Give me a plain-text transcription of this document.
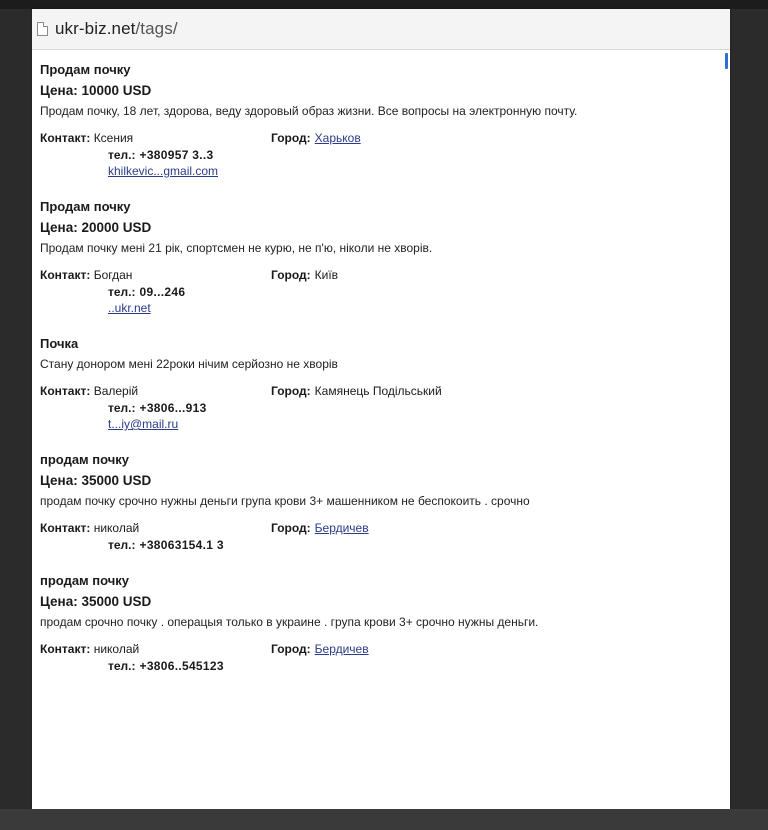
ukr-biz.net/tags/
Продам почку
Цена: 10000 USD
Продам почку, 18 лет, здорова, веду здоровый образ жизни. Все вопросы на электронную почту.
Контакт:
Ксения	Город: Харьков
тел.: +380957 3..3
khilkevic...gmail.com
Продам почку
Цена: 20000 USD
Продам почку мені 21 рік, спортсмен не курю, не п'ю, ніколи не хворів.
Контакт:
Богдан	Город: Київ
тел.: 09...246
..ukr.net
Почка
Стану донором мені 22роки нічим серйозно не хворів
Контакт:
Валерій	Город: Камянець Подільський
тел.: +3806...913
t...iy@mail.ru
продам почку
Цена: 35000 USD
продам почку срочно нужны деньги група крови 3+ машенником не беспокоить . срочно
Контакт:
николай	Город: Бердичев
тел.: +38063154.1 3
продам почку
Цена: 35000 USD
продам срочно почку . операцыя только в украине . група крови 3+ срочно нужны деньги.
Контакт:
николай	Город: Бердичев
тел.: +3806..545123
